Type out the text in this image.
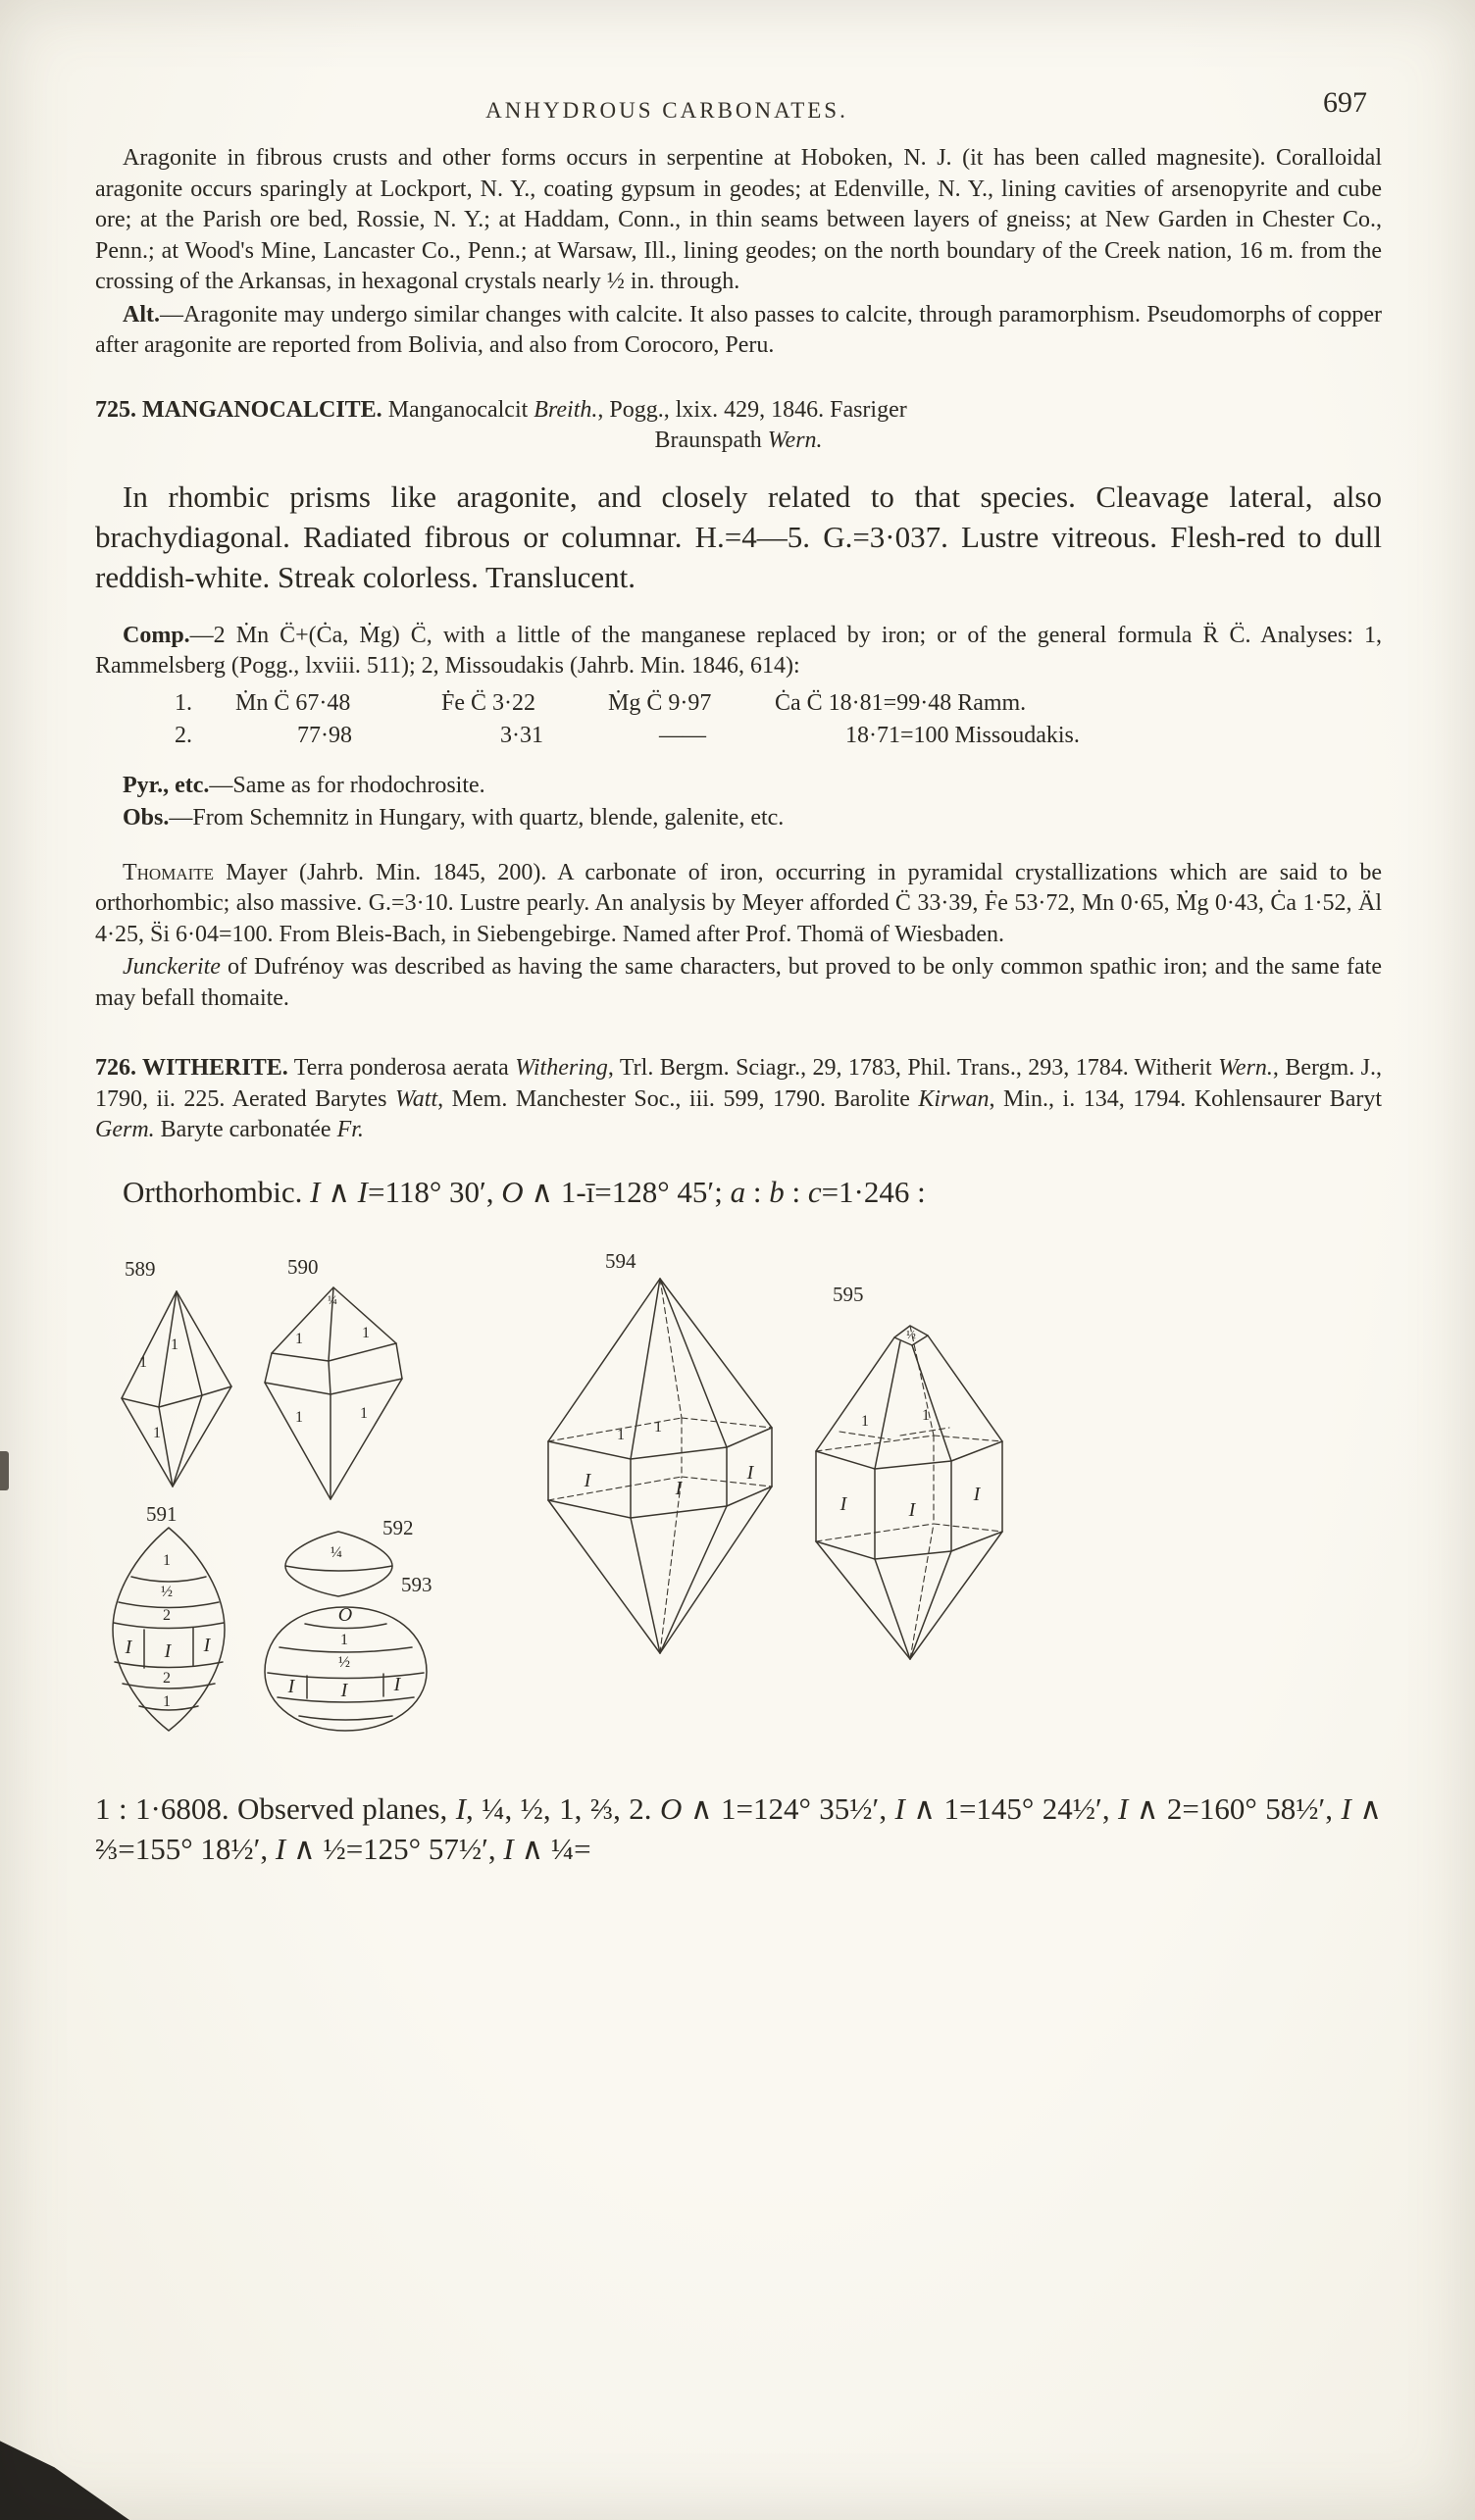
ANHYDROUS CARBONATES.	697

Aragonite in fibrous crusts and other forms occurs in serpentine at Hoboken, N. J. (it has been called magnesite). Coralloidal aragonite occurs sparingly at Lockport, N. Y., coating gypsum in geodes; at Edenville, N. Y., lining cavities of arsenopyrite and cube ore; at the Parish ore bed, Rossie, N. Y.; at Haddam, Conn., in thin seams between layers of gneiss; at New Garden in Chester Co., Penn.; at Wood's Mine, Lancaster Co., Penn.; at Warsaw, Ill., lining geodes; on the north boundary of the Creek nation, 16 m. from the crossing of the Arkansas, in hexagonal crystals nearly ½ in. through.

Alt.—Aragonite may undergo similar changes with calcite. It also passes to calcite, through paramorphism. Pseudomorphs of copper after aragonite are reported from Bolivia, and also from Corocoro, Peru.

725. MANGANOCALCITE. Manganocalcit Breith., Pogg., lxix. 429, 1846. Fasriger

Braunspath Wern.

In rhombic prisms like aragonite, and closely related to that species. Cleavage lateral, also brachydiagonal. Radiated fibrous or columnar. H.=4—5. G.=3·037. Lustre vitreous. Flesh-red to dull reddish-white. Streak colorless. Translucent.

Comp.—2 Ṁn C̈+(Ċa, Ṁg) C̈, with a little of the manganese replaced by iron; or of the general formula R̈ C̈. Analyses: 1, Rammelsberg (Pogg., lxviii. 511); 2, Missoudakis (Jahrb. Min. 1846, 614):

1. Ṁn C̈ 67·48	Ḟe C̈ 3·22	Ṁg C̈ 9·97	Ċa C̈ 18·81=99·48 Ramm.
2.	77·98	3·31	——	18·71=100 Missoudakis.

Pyr., etc.—Same as for rhodochrosite.

Obs.—From Schemnitz in Hungary, with quartz, blende, galenite, etc.

Thomaite Mayer (Jahrb. Min. 1845, 200). A carbonate of iron, occurring in pyramidal crystallizations which are said to be orthorhombic; also massive. G.=3·10. Lustre pearly. An analysis by Meyer afforded C̈ 33·39, Ḟe 53·72, Mn 0·65, Ṁg 0·43, Ċa 1·52, Äl 4·25, S̈i 6·04=100. From Bleis-Bach, in Siebengebirge. Named after Prof. Thomä of Wiesbaden.

Junckerite of Dufrénoy was described as having the same characters, but proved to be only common spathic iron; and the same fate may befall thomaite.

726. WITHERITE. Terra ponderosa aerata Withering, Trl. Bergm. Sciagr., 29, 1783, Phil. Trans., 293, 1784. Witherit Wern., Bergm. J., 1790, ii. 225. Aerated Barytes Watt, Mem. Manchester Soc., iii. 599, 1790. Barolite Kirwan, Min., i. 134, 1794. Kohlensaurer Baryt Germ. Baryte carbonatée Fr.

Orthorhombic. I ∧ I=118° 30′, O ∧ 1-ī=128° 45′; a : b : c=1·246 :

589	590	594
595
591
592
593
1
1
1
¼
1	1
1	1
1 1
I	I
I
½
1	1
I	I
I
1
½
2
I I I
2
1
¼
O
1
½
I I I

1 : 1·6808. Observed planes, I, ¼, ½, 1, ⅔, 2. O ∧ 1=124° 35½′, I ∧ 1=145° 24½′, I ∧ 2=160° 58½′, I ∧ ⅔=155° 18½′, I ∧ ½=125° 57½′, I ∧ ¼=
